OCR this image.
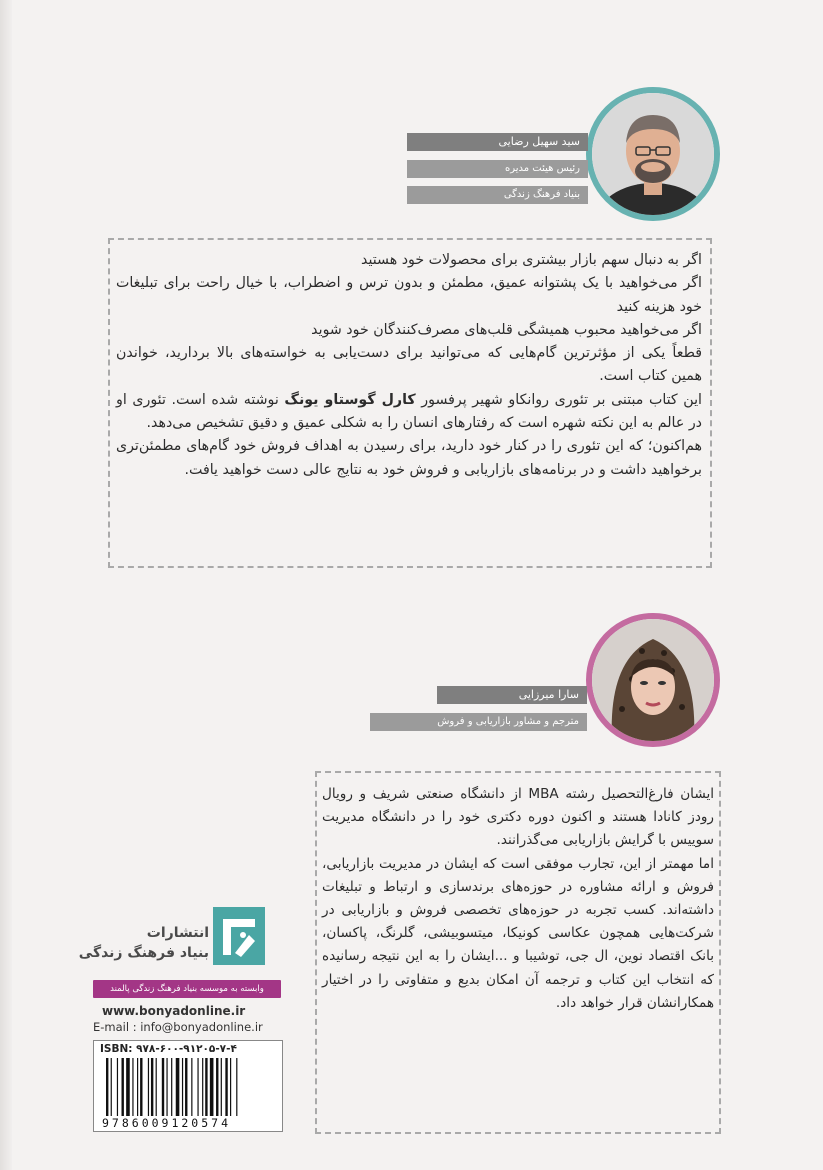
سید سهیل رضایی
رئیس هیئت مدیره
بنیاد فرهنگ زندگی

اگر به دنبال سهم بازار بیشتری برای محصولات خود هستید

اگر می‌خواهید با یک پشتوانه عمیق، مطمئن و بدون ترس و اضطراب، با خیال راحت برای تبلیغات خود هزینه کنید

اگر می‌خواهید محبوب همیشگی قلب‌های مصرف‌کنندگان خود شوید

قطعاً یکی از مؤثرترین گام‌هایی که می‌توانید برای دست‌یابی به خواسته‌های بالا بردارید، خواندن همین کتاب است.

این کتاب مبتنی بر تئوری روانکاو شهیر پرفسور کارل گوستاو یونگ نوشته شده است. تئوری او در عالم به این نکته شهره است که رفتارهای انسان را به شکلی عمیق و دقیق تشخیص می‌دهد.

هم‌اکنون؛ که این تئوری را در کنار خود دارید، برای رسیدن به اهداف فروش خود گام‌های مطمئن‌تری برخواهید داشت و در برنامه‌های بازاریابی و فروش خود به نتایج عالی دست خواهید یافت.

سارا میرزایی
مترجم و مشاور بازاریابی و فروش

ایشان فارغ‌التحصیل رشته MBA از دانشگاه صنعتی شریف و رویال رودز کانادا هستند و اکنون دوره دکتری خود را در دانشگاه مدیریت سوییس با گرایش بازاریابی می‌گذرانند.

اما مهمتر از این، تجارب موفقی است که ایشان در مدیریت بازاریابی، فروش و ارائه مشاوره در حوزه‌های برندسازی و ارتباط و تبلیغات داشته‌اند. کسب تجربه در حوزه‌های تخصصی فروش و بازاریابی در شرکت‌هایی همچون عکاسی کونیکا، میتسوبیشی، گلرنگ، پاکسان، بانک اقتصاد نوین، ال جی، توشیبا و ...ایشان را به این نتیجه رسانیده که انتخاب این کتاب و ترجمه آن امکان بدیع و متفاوتی را در اختیار همکارانشان قرار خواهد داد.

انتشارات
بنیاد فرهنگ زندگی
وابسته به موسسه بنیاد فرهنگ زندگی پالمند
www.bonyadonline.ir
E-mail : info@bonyadonline.ir
ISBN: ۹۷۸-۶۰۰-۹۱۲۰۵-۷-۴
9786009120574
